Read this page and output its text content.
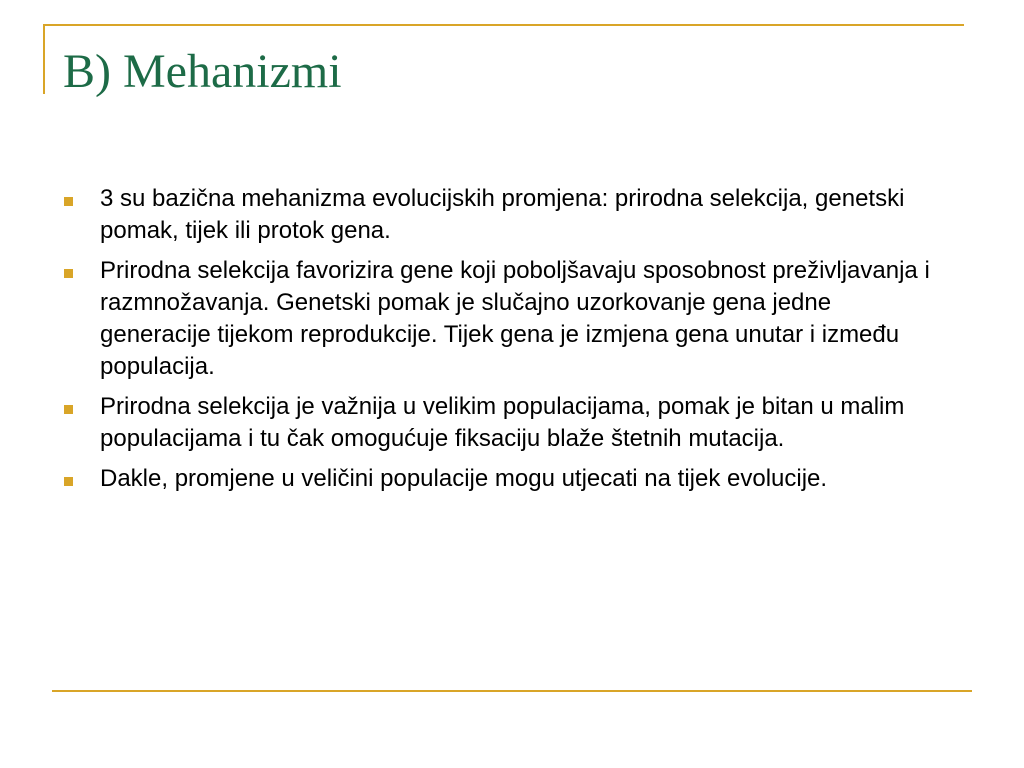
B) Mehanizmi
3 su bazična mehanizma evolucijskih promjena: prirodna selekcija, genetski pomak, tijek ili protok gena.
Prirodna selekcija favorizira gene koji poboljšavaju sposobnost preživljavanja i razmnožavanja. Genetski pomak je slučajno uzorkovanje gena jedne generacije tijekom reprodukcije. Tijek gena je izmjena gena unutar i između populacija.
Prirodna selekcija je važnija u velikim populacijama, pomak je bitan u malim populacijama i tu čak omogućuje fiksaciju blaže štetnih mutacija.
Dakle, promjene u veličini populacije mogu utjecati na tijek evolucije.
